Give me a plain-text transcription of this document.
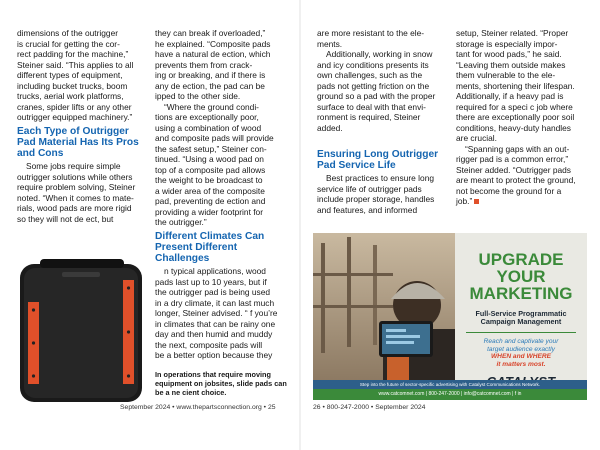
dimensions of the outrigger
is crucial for getting the cor-
rect padding for the machine,”
Steiner said. “This applies to all
different types of equipment,
including bucket trucks, boom
trucks, aerial work platforms,
cranes, spider lifts or any other
outrigger equipped machinery.”

Each Type of Outrigger
Pad Material Has Its Pros
and Cons

Some jobs require simple
outrigger solutions while others
require problem solving, Steiner
noted. “When it comes to mate-
rials, wood pads are more rigid
so they will not de ect, but

they can break if overloaded,”
he explained. “Composite pads
have a natural de ection, which
prevents them from crack-
ing or breaking, and if there is
any de ection, the pad can be
ipped to the other side.

“Where the ground condi-
tions are exceptionally poor,
using a combination of wood
and composite pads will provide
the safest setup,” Steiner con-
tinued. “Using a wood pad on
top of a composite pad allows
the weight to be broadcast to
a wider area of the composite
pad, preventing de ection and
providing a wider footprint for
the outrigger.”

Different Climates Can
Present Different
Challenges

n typical applications, wood
pads last up to 10 years, but if
the outrigger pad is being used
in a dry climate, it can last much
longer, Steiner advised. “ f you’re
in climates that can be rainy one
day and then humid and muddy
the next, composite pads will
be a better option because they

In operations that require moving
equipment on jobsites, slide pads can
be a ne cient choice.

are more resistant to the ele-
ments.

Additionally, working in snow
and icy conditions presents its
own challenges, such as the
pads not getting friction on the
ground so a pad with the proper
surface to deal with that envi-
ronment is required, Steiner
added.

Ensuring Long Outrigger
Pad Service Life

Best practices to ensure long
service life of outrigger pads
include proper storage, handles
and features, and informed

setup, Steiner related. “Proper
storage is especially impor-
tant for wood pads,” he said.
“Leaving them outside makes
them vulnerable to the ele-
ments, shortening their lifespan.
Additionally, if a heavy pad is
required for a speci c job where
there are exceptionally poor soil
conditions, heavy-duty handles
are crucial.

“Spanning gaps with an out-
rigger pad is a common error,”
Steiner added. “Outrigger pads
are meant to protect the ground,
not become the ground for a
job.”

UPGRADE
YOUR
MARKETING
Full-Service Programmatic
Campaign Management
Reach and captivate your
target audience exactly
WHEN and WHERE
it matters most.
Step into the future of sector-specific advertising with Catalyst Communications Network.
www.catcomnet.com | 800-247-2000 | info@catcomnet.com | f in
September 2024 • www.thepartsconnection.org • 25	26 • 800-247-2000 • September 2024
